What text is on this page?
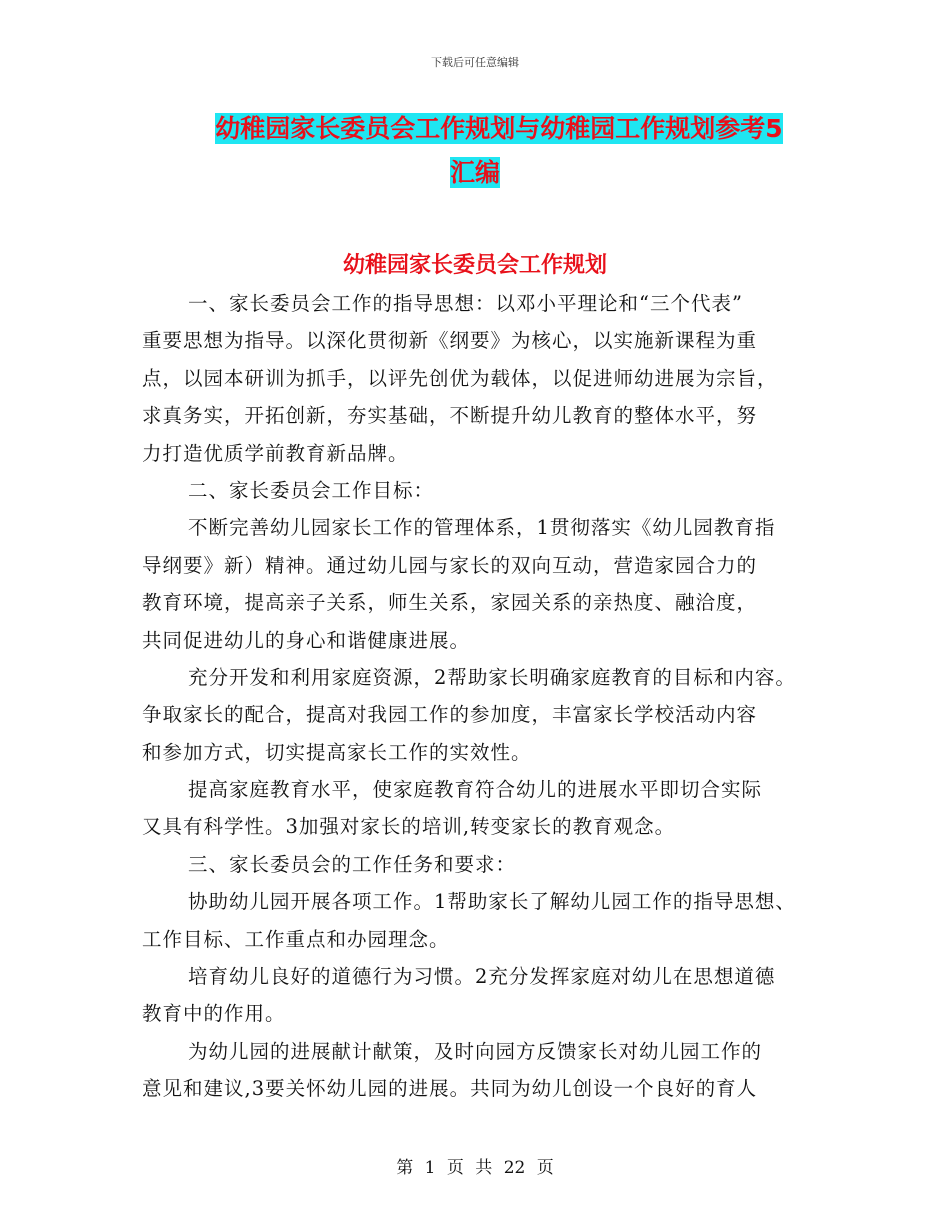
下载后可任意编辑
幼稚园家长委员会工作规划与幼稚园工作规划参考5
汇编
幼稚园家长委员会工作规划
一、家长委员会工作的指导思想：以邓小平理论和“三个代表”
重要思想为指导。以深化贯彻新《纲要》为核心，以实施新课程为重
点，以园本研训为抓手，以评先创优为载体，以促进师幼进展为宗旨，
求真务实，开拓创新，夯实基础，不断提升幼儿教育的整体水平，努
力打造优质学前教育新品牌。
二、家长委员会工作目标：
不断完善幼儿园家长工作的管理体系，1贯彻落实《幼儿园教育指
导纲要》新）精神。通过幼儿园与家长的双向互动，营造家园合力的
教育环境，提高亲子关系，师生关系，家园关系的亲热度、融洽度，
共同促进幼儿的身心和谐健康进展。
充分开发和利用家庭资源，2帮助家长明确家庭教育的目标和内容。
争取家长的配合，提高对我园工作的参加度，丰富家长学校活动内容
和参加方式，切实提高家长工作的实效性。
提高家庭教育水平，使家庭教育符合幼儿的进展水平即切合实际
又具有科学性。3加强对家长的培训,转变家长的教育观念。
三、家长委员会的工作任务和要求：
协助幼儿园开展各项工作。1帮助家长了解幼儿园工作的指导思想、
工作目标、工作重点和办园理念。
培育幼儿良好的道德行为习惯。2充分发挥家庭对幼儿在思想道德
教育中的作用。
为幼儿园的进展献计献策，及时向园方反馈家长对幼儿园工作的
意见和建议,3要关怀幼儿园的进展。共同为幼儿创设一个良好的育人
第 1 页 共 22 页
